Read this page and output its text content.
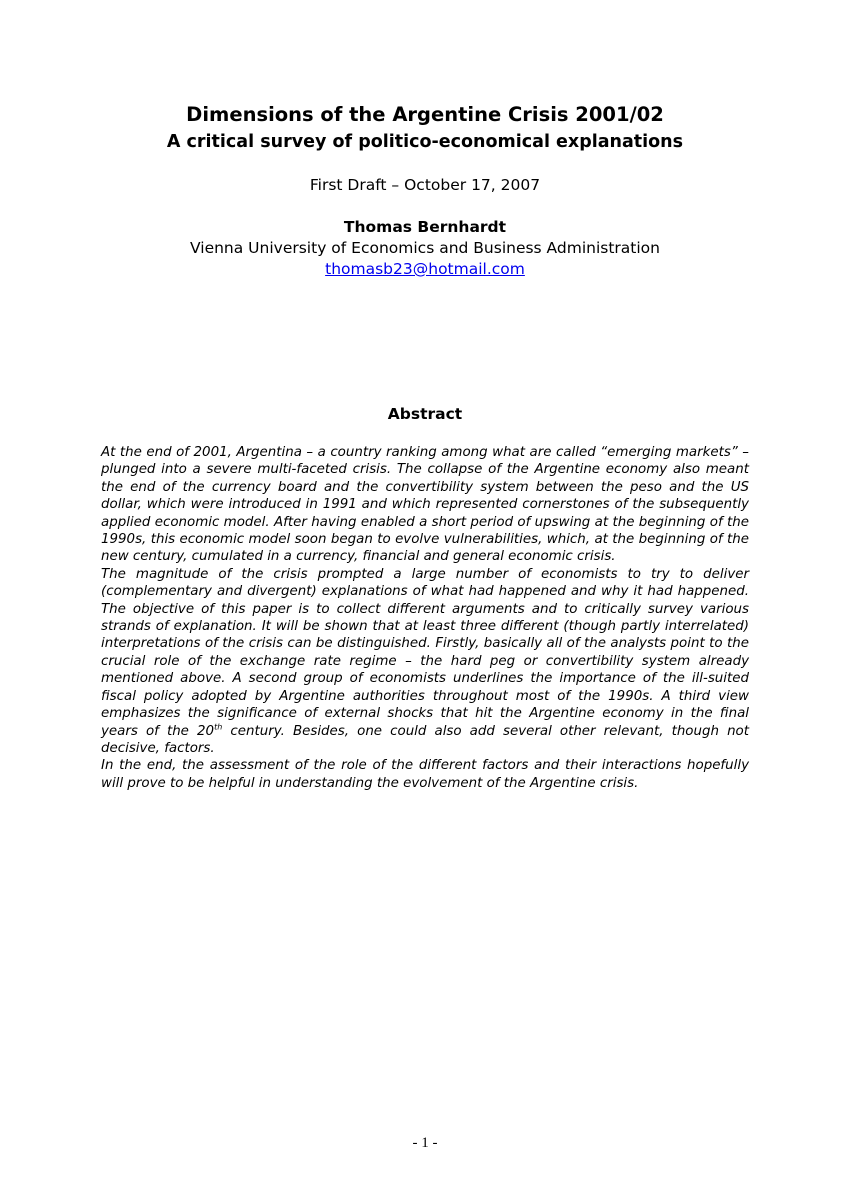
Dimensions of the Argentine Crisis 2001/02
A critical survey of politico-economical explanations
First Draft – October 17, 2007
Thomas Bernhardt
Vienna University of Economics and Business Administration
thomasb23@hotmail.com
Abstract

At the end of 2001, Argentina – a country ranking among what are called “emerging markets” – plunged into a severe multi-faceted crisis. The collapse of the Argentine economy also meant the end of the currency board and the convertibility system between the peso and the US dollar, which were introduced in 1991 and which represented cornerstones of the subsequently applied economic model. After having enabled a short period of upswing at the beginning of the 1990s, this economic model soon began to evolve vulnerabilities, which, at the beginning of the new century, cumulated in a currency, financial and general economic crisis.

The magnitude of the crisis prompted a large number of economists to try to deliver (complementary and divergent) explanations of what had happened and why it had happened. The objective of this paper is to collect different arguments and to critically survey various strands of explanation. It will be shown that at least three different (though partly interrelated) interpretations of the crisis can be distinguished. Firstly, basically all of the analysts point to the crucial role of the exchange rate regime – the hard peg or convertibility system already mentioned above. A second group of economists underlines the importance of the ill-suited fiscal policy adopted by Argentine authorities throughout most of the 1990s. A third view emphasizes the significance of external shocks that hit the Argentine economy in the final years of the 20th century. Besides, one could also add several other relevant, though not decisive, factors.

In the end, the assessment of the role of the different factors and their interactions hopefully will prove to be helpful in understanding the evolvement of the Argentine crisis.

- 1 -
